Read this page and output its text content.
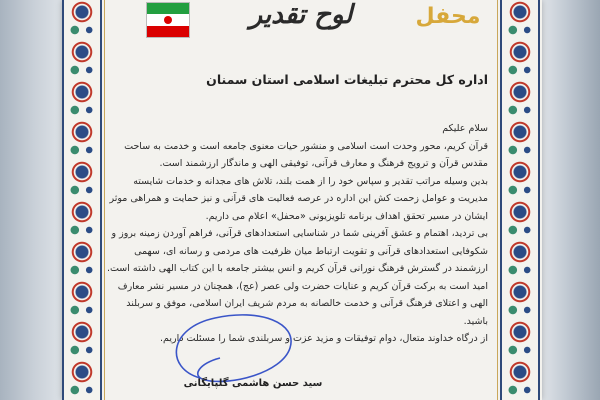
لوح تقدیر	محفل
اداره کل محترم تبلیغات اسلامی استان سمنان

سلام علیکم

قرآن کریم، محور وحدت است اسلامی و منشور حیات معنوی جامعه است و خدمت به ساحت مقدس قرآن و ترویج فرهنگ و معارف قرآنی، توفیقی الهی و ماندگار ارزشمند است.

بدین وسیله مراتب تقدیر و سپاس خود را از همت بلند، تلاش های مجدانه و خدمات شایسته مدیریت و عوامل زحمت کش این اداره در عرصه فعالیت های قرآنی و نیز حمایت و همراهی موثر ایشان در مسیر تحقق اهداف برنامه تلویزیونی «محفل» اعلام می داریم.

بی تردید، اهتمام و عشق آفرینی شما در شناسایی استعدادهای قرآنی، فراهم آوردن زمینه بروز و شکوفایی استعدادهای قرآنی و تقویت ارتباط میان ظرفیت های مردمی و رسانه ای، سهمی ارزشمند در گسترش فرهنگ نورانی قرآن کریم و انس بیشتر جامعه با این کتاب الهی داشته است.

امید است به برکت قرآن کریم و عنایات حضرت ولی عصر (عج)، همچنان در مسیر نشر معارف الهی و اعتلای فرهنگ قرآنی و خدمت خالصانه به مردم شریف ایران اسلامی، موفق و سربلند باشید.

از درگاه خداوند متعال، دوام توفیقات و مزید عزت و سربلندی شما را مسئلت داریم.

سید حسن هاشمی گلپایگانی
